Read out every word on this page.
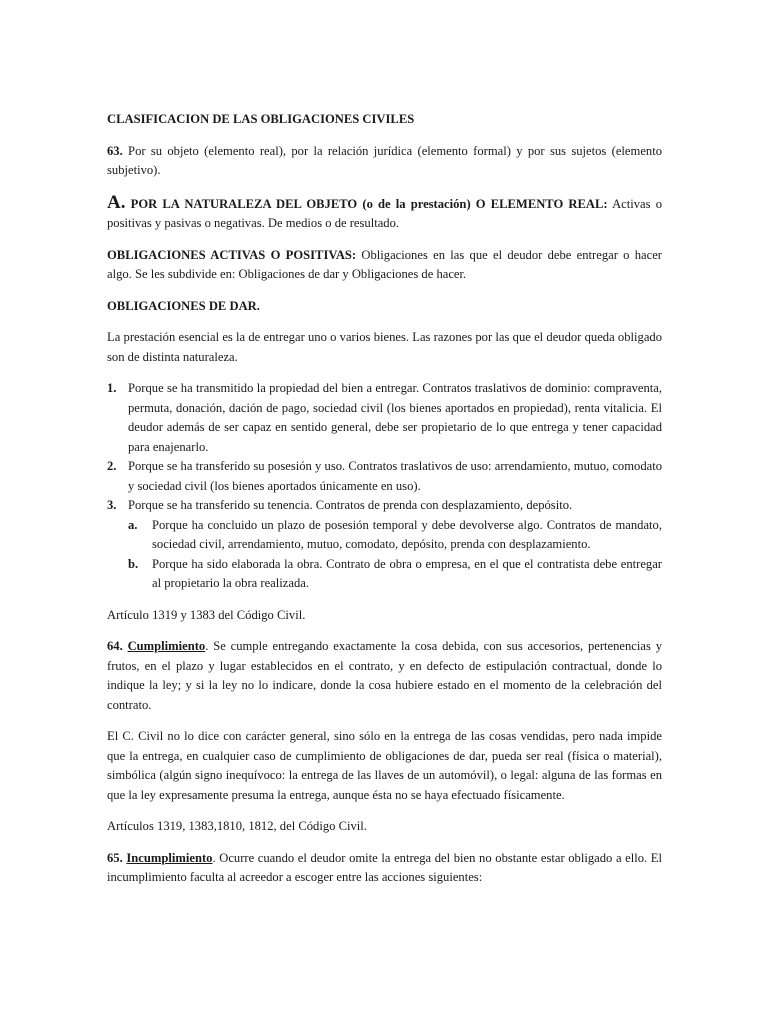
CLASIFICACION DE LAS OBLIGACIONES CIVILES

63. Por su objeto (elemento real), por la relación jurídica (elemento formal) y por sus sujetos (elemento subjetivo).

A. POR LA NATURALEZA DEL OBJETO (o de la prestación) O ELEMENTO REAL: Activas o positivas y pasivas o negativas. De medios o de resultado.

OBLIGACIONES ACTIVAS O POSITIVAS: Obligaciones en las que el deudor debe entregar o hacer algo. Se les subdivide en: Obligaciones de dar y Obligaciones de hacer.

OBLIGACIONES DE DAR.

La prestación esencial es la de entregar uno o varios bienes. Las razones por las que el deudor queda obligado son de distinta naturaleza.

1. Porque se ha transmitido la propiedad del bien a entregar. Contratos traslativos de dominio: compraventa, permuta, donación, dación de pago, sociedad civil (los bienes aportados en propiedad), renta vitalicia. El deudor además de ser capaz en sentido general, debe ser propietario de lo que entrega y tener capacidad para enajenarlo.
2. Porque se ha transferido su posesión y uso. Contratos traslativos de uso: arrendamiento, mutuo, comodato y sociedad civil (los bienes aportados únicamente en uso).
3. Porque se ha transferido su tenencia. Contratos de prenda con desplazamiento, depósito.
a. Porque ha concluido un plazo de posesión temporal y debe devolverse algo. Contratos de mandato, sociedad civil, arrendamiento, mutuo, comodato, depósito, prenda con desplazamiento.
b. Porque ha sido elaborada la obra. Contrato de obra o empresa, en el que el contratista debe entregar al propietario la obra realizada.

Artículo 1319 y 1383 del Código Civil.

64. Cumplimiento. Se cumple entregando exactamente la cosa debida, con sus accesorios, pertenencias y frutos, en el plazo y lugar establecidos en el contrato, y en defecto de estipulación contractual, donde lo indique la ley; y si la ley no lo indicare, donde la cosa hubiere estado en el momento de la celebración del contrato.

El C. Civil no lo dice con carácter general, sino sólo en la entrega de las cosas vendidas, pero nada impide que la entrega, en cualquier caso de cumplimiento de obligaciones de dar, pueda ser real (física o material), simbólica (algún signo inequívoco: la entrega de las llaves de un automóvil), o legal: alguna de las formas en que la ley expresamente presuma la entrega, aunque ésta no se haya efectuado físicamente.

Artículos 1319, 1383,1810, 1812, del Código Civil.

65. Incumplimiento. Ocurre cuando el deudor omite la entrega del bien no obstante estar obligado a ello. El incumplimiento faculta al acreedor a escoger entre las acciones siguientes:
